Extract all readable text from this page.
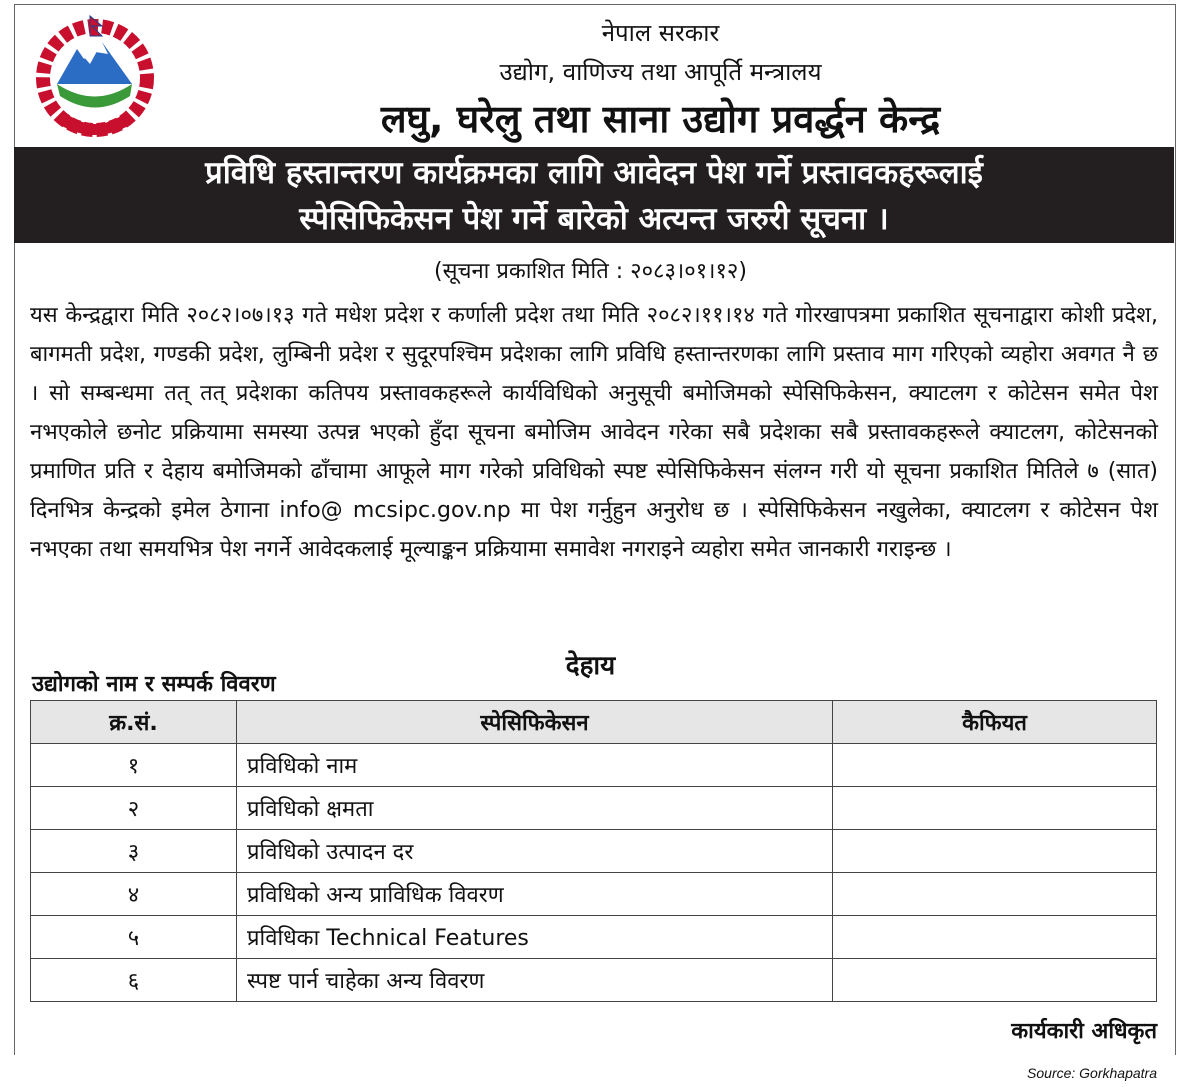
नेपाल सरकार
उद्योग, वाणिज्य तथा आपूर्ति मन्त्रालय
लघु, घरेलु तथा साना उद्योग प्रवर्द्धन केन्द्र
प्रविधि हस्तान्तरण कार्यक्रमका लागि आवेदन पेश गर्ने प्रस्तावकहरूलाई
स्पेसिफिकेसन पेश गर्ने बारेको अत्यन्त जरुरी सूचना ।
(सूचना प्रकाशित मिति : २०८३।०१।१२)
यस केन्द्रद्वारा मिति २०८२।०७।१३ गते मधेश प्रदेश र कर्णाली प्रदेश तथा मिति २०८२।११।१४ गते गोरखापत्रमा प्रकाशित सूचनाद्वारा कोशी प्रदेश, बागमती प्रदेश, गण्डकी प्रदेश, लुम्बिनी प्रदेश र सुदूरपश्चिम प्रदेशका लागि प्रविधि हस्तान्तरणका लागि प्रस्ताव माग गरिएको व्यहोरा अवगत नै छ । सो सम्बन्धमा तत् तत् प्रदेशका कतिपय प्रस्तावकहरूले कार्यविधिको अनुसूची बमोजिमको स्पेसिफिकेसन, क्याटलग र कोटेसन समेत पेश नभएकोले छनोट प्रक्रियामा समस्या उत्पन्न भएको हुँदा सूचना बमोजिम आवेदन गरेका सबै प्रदेशका सबै प्रस्तावकहरूले क्याटलग, कोटेसनको प्रमाणित प्रति र देहाय बमोजिमको ढाँचामा आफूले माग गरेको प्रविधिको स्पष्ट स्पेसिफिकेसन संलग्न गरी यो सूचना प्रकाशित मितिले ७ (सात) दिनभित्र केन्द्रको इमेल ठेगाना info@ mcsipc.gov.np मा पेश गर्नुहुन अनुरोध छ । स्पेसिफिकेसन नखुलेका, क्याटलग र कोटेसन पेश नभएका तथा समयभित्र पेश नगर्ने आवेदकलाई मूल्याङ्कन प्रक्रियामा समावेश नगराइने व्यहोरा समेत जानकारी गराइन्छ ।
देहाय
उद्योगको नाम र सम्पर्क विवरण
क्र.सं.	स्पेसिफिकेसन	कैफियत
१	प्रविधिको नाम	
२	प्रविधिको क्षमता	
३	प्रविधिको उत्पादन दर	
४	प्रविधिको अन्य प्राविधिक विवरण	
५	प्रविधिका Technical Features	
६	स्पष्ट पार्न चाहेका अन्य विवरण	
कार्यकारी अधिकृत
Source: Gorkhapatra
